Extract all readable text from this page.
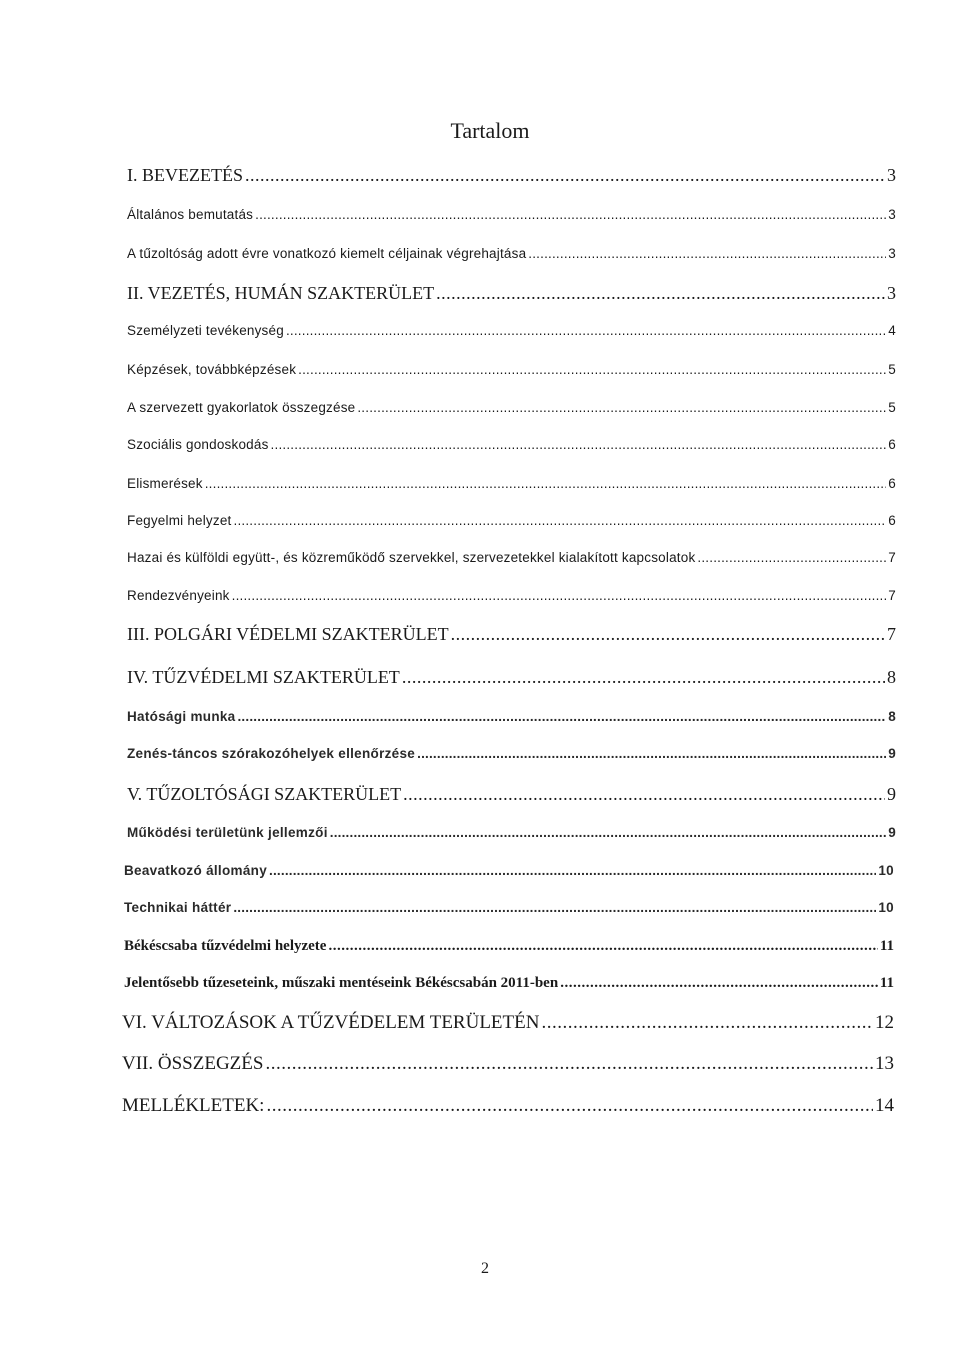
Tartalom
I. BEVEZETÉS .....	3
Általános bemutatás .....	3
A tűzoltóság adott évre vonatkozó kiemelt céljainak végrehajtása .....	3
II. VEZETÉS, HUMÁN SZAKTERÜLET .....	3
Személyzeti tevékenység .....	4
Képzések, továbbképzések .....	5
A szervezett gyakorlatok összegzése .....	5
Szociális gondoskodás .....	6
Elismerések .....	6
Fegyelmi helyzet .....	6
Hazai és külföldi együtt-, és közreműködő szervekkel, szervezetekkel kialakított kapcsolatok .....	7
Rendezvényeink .....	7
III. POLGÁRI VÉDELMI SZAKTERÜLET .....	7
IV. TŰZVÉDELMI SZAKTERÜLET .....	8
Hatósági munka .....	8
Zenés-táncos szórakozóhelyek ellenőrzése .....	9
V. TŰZOLTÓSÁGI SZAKTERÜLET .....	9
Működési területünk jellemzői .....	9
Beavatkozó állomány .....	10
Technikai háttér .....	10
Békéscsaba tűzvédelmi helyzete .....	11
Jelentősebb tűzeseteink, műszaki mentéseink Békéscsabán 2011-ben .....	11
VI. VÁLTOZÁSOK A TŰZVÉDELEM TERÜLETÉN .....	12
VII. ÖSSZEGZÉS .....	13
MELLÉKLETEK: .....	14
2
